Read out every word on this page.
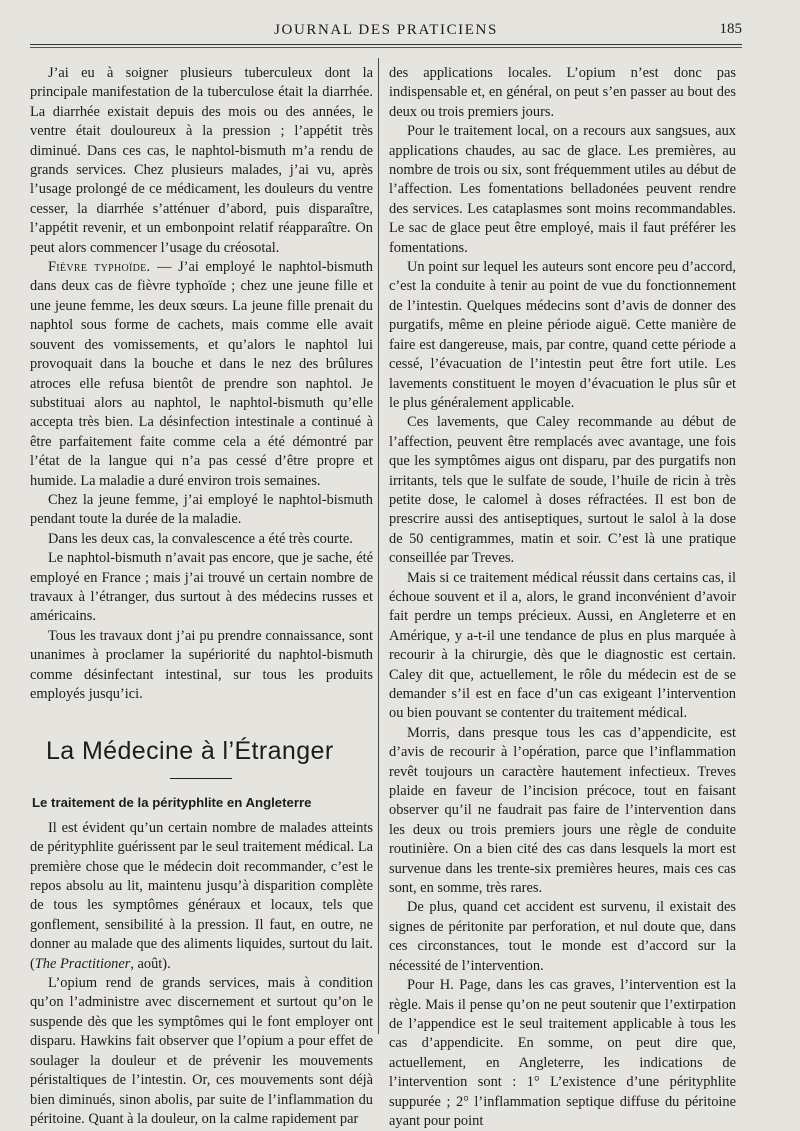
JOURNAL DES PRATICIENS	185

J’ai eu à soigner plusieurs tuberculeux dont la principale manifestation de la tuberculose était la diarrhée. La diarrhée existait depuis des mois ou des années, le ventre était douloureux à la pression ; l’appétit très diminué. Dans ces cas, le naphtol-bismuth m’a rendu de grands services. Chez plusieurs malades, j’ai vu, après l’usage prolongé de ce médicament, les douleurs du ventre cesser, la diarrhée s’atténuer d’abord, puis disparaître, l’appétit revenir, et un embonpoint relatif réapparaître. On peut alors commencer l’usage du créosotal.

Fièvre typhoïde. — J’ai employé le naphtol-bismuth dans deux cas de fièvre typhoïde ; chez une jeune fille et une jeune femme, les deux sœurs. La jeune fille prenait du naphtol sous forme de cachets, mais comme elle avait souvent des vomissements, et qu’alors le naphtol lui provoquait dans la bouche et dans le nez des brûlures atroces elle refusa bientôt de prendre son naphtol. Je substituai alors au naphtol, le naphtol-bismuth qu’elle accepta très bien. La désinfection intestinale a continué à être parfaitement faite comme cela a été démontré par l’état de la langue qui n’a pas cessé d’être propre et humide. La maladie a duré environ trois semaines.

Chez la jeune femme, j’ai employé le naphtol-bismuth pendant toute la durée de la maladie.

Dans les deux cas, la convalescence a été très courte.

Le naphtol-bismuth n’avait pas encore, que je sache, été employé en France ; mais j’ai trouvé un certain nombre de travaux à l’étranger, dus surtout à des médecins russes et américains.

Tous les travaux dont j’ai pu prendre connaissance, sont unanimes à proclamer la supériorité du naphtol-bismuth comme désinfectant intestinal, sur tous les produits employés jusqu’ici.

La Médecine à l’Étranger

Le traitement de la pérityphlite en Angleterre

Il est évident qu’un certain nombre de malades atteints de pérityphlite guérissent par le seul traitement médical. La première chose que le médecin doit recommander, c’est le repos absolu au lit, maintenu jusqu’à disparition complète de tous les symptômes généraux et locaux, tels que gonflement, sensibilité à la pression. Il faut, en outre, ne donner au malade que des aliments liquides, surtout du lait. (The Practitioner, août).

L’opium rend de grands services, mais à condition qu’on l’administre avec discernement et surtout qu’on le suspende dès que les symptômes qui le font employer ont disparu. Hawkins fait observer que l’opium a pour effet de soulager la douleur et de prévenir les mouvements péristaltiques de l’intestin. Or, ces mouvements sont déjà bien diminués, sinon abolis, par suite de l’inflammation du péritoine. Quant à la douleur, on la calme rapidement par

des applications locales. L’opium n’est donc pas indispensable et, en général, on peut s’en passer au bout des deux ou trois premiers jours.

Pour le traitement local, on a recours aux sangsues, aux applications chaudes, au sac de glace. Les premières, au nombre de trois ou six, sont fréquemment utiles au début de l’affection. Les fomentations belladonées peuvent rendre des services. Les cataplasmes sont moins recommandables. Le sac de glace peut être employé, mais il faut préférer les fomentations.

Un point sur lequel les auteurs sont encore peu d’accord, c’est la conduite à tenir au point de vue du fonctionnement de l’intestin. Quelques médecins sont d’avis de donner des purgatifs, même en pleine période aiguë. Cette manière de faire est dangereuse, mais, par contre, quand cette période a cessé, l’évacuation de l’intestin peut être fort utile. Les lavements constituent le moyen d’évacuation le plus sûr et le plus généralement applicable.

Ces lavements, que Caley recommande au début de l’affection, peuvent être remplacés avec avantage, une fois que les symptômes aigus ont disparu, par des purgatifs non irritants, tels que le sulfate de soude, l’huile de ricin à très petite dose, le calomel à doses réfractées. Il est bon de prescrire aussi des antiseptiques, surtout le salol à la dose de 50 centigrammes, matin et soir. C’est là une pratique conseillée par Treves.

Mais si ce traitement médical réussit dans certains cas, il échoue souvent et il a, alors, le grand inconvénient d’avoir fait perdre un temps précieux. Aussi, en Angleterre et en Amérique, y a-t-il une tendance de plus en plus marquée à recourir à la chirurgie, dès que le diagnostic est certain. Caley dit que, actuellement, le rôle du médecin est de se demander s’il est en face d’un cas exigeant l’intervention ou bien pouvant se contenter du traitement médical.

Morris, dans presque tous les cas d’appendicite, est d’avis de recourir à l’opération, parce que l’inflammation revêt toujours un caractère hautement infectieux. Treves plaide en faveur de l’incision précoce, tout en faisant observer qu’il ne faudrait pas faire de l’intervention dans les deux ou trois premiers jours une règle de conduite routinière. On a bien cité des cas dans lesquels la mort est survenue dans les trente-six premières heures, mais ces cas sont, en somme, très rares.

De plus, quand cet accident est survenu, il existait des signes de péritonite par perforation, et nul doute que, dans ces circonstances, tout le monde est d’accord sur la nécessité de l’intervention.

Pour H. Page, dans les cas graves, l’intervention est la règle. Mais il pense qu’on ne peut soutenir que l’extirpation de l’appendice est le seul traitement applicable à tous les cas d’appendicite. En somme, on peut dire que, actuellement, en Angleterre, les indications de l’intervention sont : 1° L’existence d’une pérityphlite suppurée ; 2° l’inflammation septique diffuse du péritoine ayant pour point
